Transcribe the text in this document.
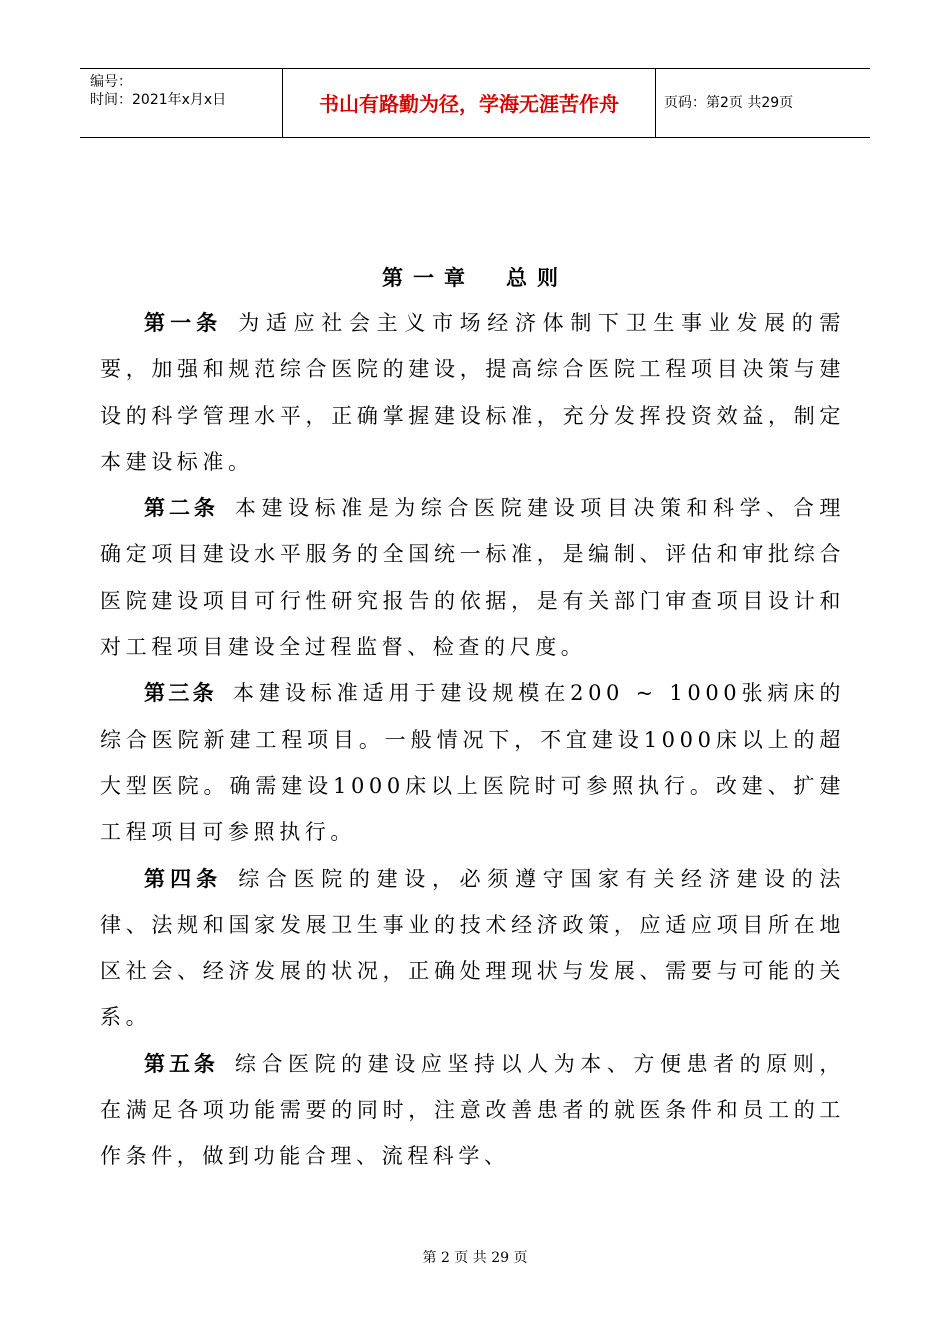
编号：
时间：2021年x月x日	书山有路勤为径，学海无涯苦作舟	页码：第2页 共29页
第一章　总则

第一条 为适应社会主义市场经济体制下卫生事业发展的需要，加强和规范综合医院的建设，提高综合医院工程项目决策与建设的科学管理水平，正确掌握建设标准，充分发挥投资效益，制定本建设标准。

第二条 本建设标准是为综合医院建设项目决策和科学、合理确定项目建设水平服务的全国统一标准，是编制、评估和审批综合医院建设项目可行性研究报告的依据，是有关部门审查项目设计和对工程项目建设全过程监督、检查的尺度。

第三条 本建设标准适用于建设规模在200 ~ 1000张病床的综合医院新建工程项目。一般情况下，不宜建设1000床以上的超大型医院。确需建设1000床以上医院时可参照执行。改建、扩建工程项目可参照执行。

第四条 综合医院的建设，必须遵守国家有关经济建设的法律、法规和国家发展卫生事业的技术经济政策，应适应项目所在地区社会、经济发展的状况，正确处理现状与发展、需要与可能的关系。

第五条 综合医院的建设应坚持以人为本、方便患者的原则，在满足各项功能需要的同时，注意改善患者的就医条件和员工的工作条件，做到功能合理、流程科学、

第 2 页 共 29 页
